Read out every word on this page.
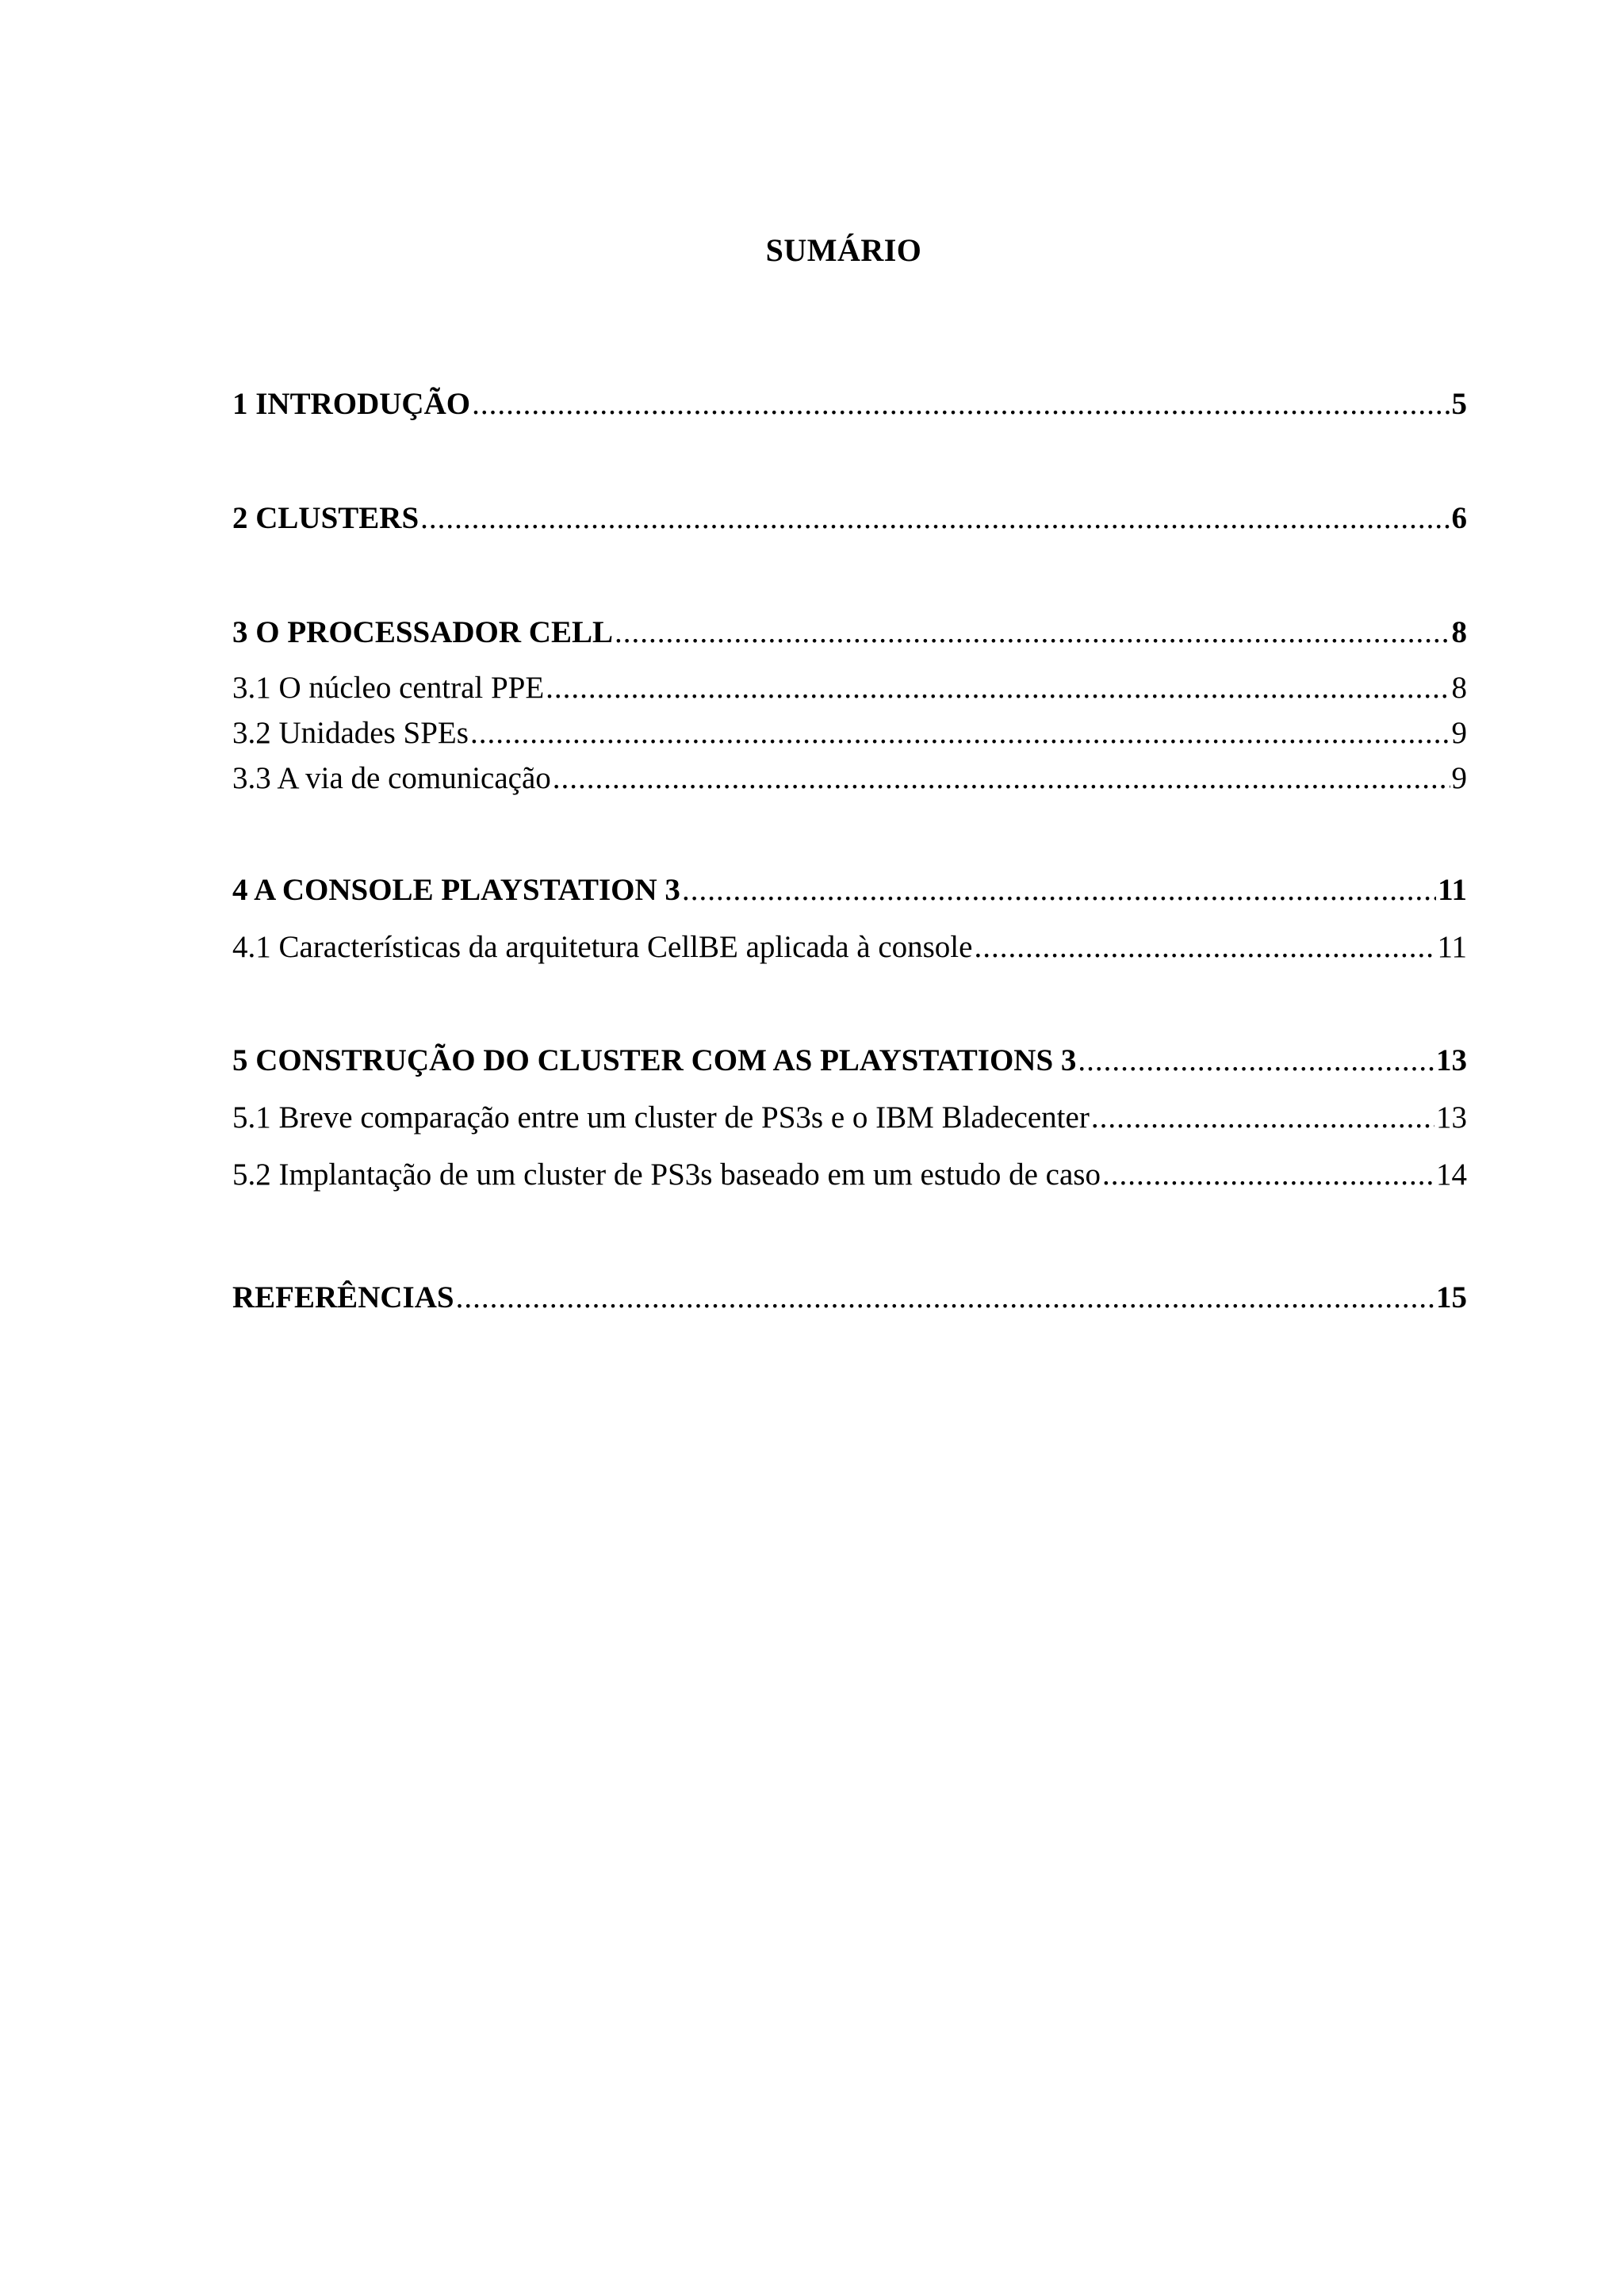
SUMÁRIO
1 INTRODUÇÃO .....	5
2 CLUSTERS .....	6
3 O PROCESSADOR CELL .....	8
3.1 O núcleo central PPE .....	8
3.2 Unidades SPEs .....	9
3.3 A via de comunicação .....	9
4 A CONSOLE PLAYSTATION 3 .....	11
4.1 Características da arquitetura CellBE aplicada à console .....	11
5 CONSTRUÇÃO DO CLUSTER COM AS PLAYSTATIONS 3 .....	13
5.1 Breve comparação entre um cluster de PS3s e o IBM Bladecenter .....	13
5.2 Implantação de um cluster de PS3s baseado em um estudo de caso .....	14
REFERÊNCIAS .....	15
